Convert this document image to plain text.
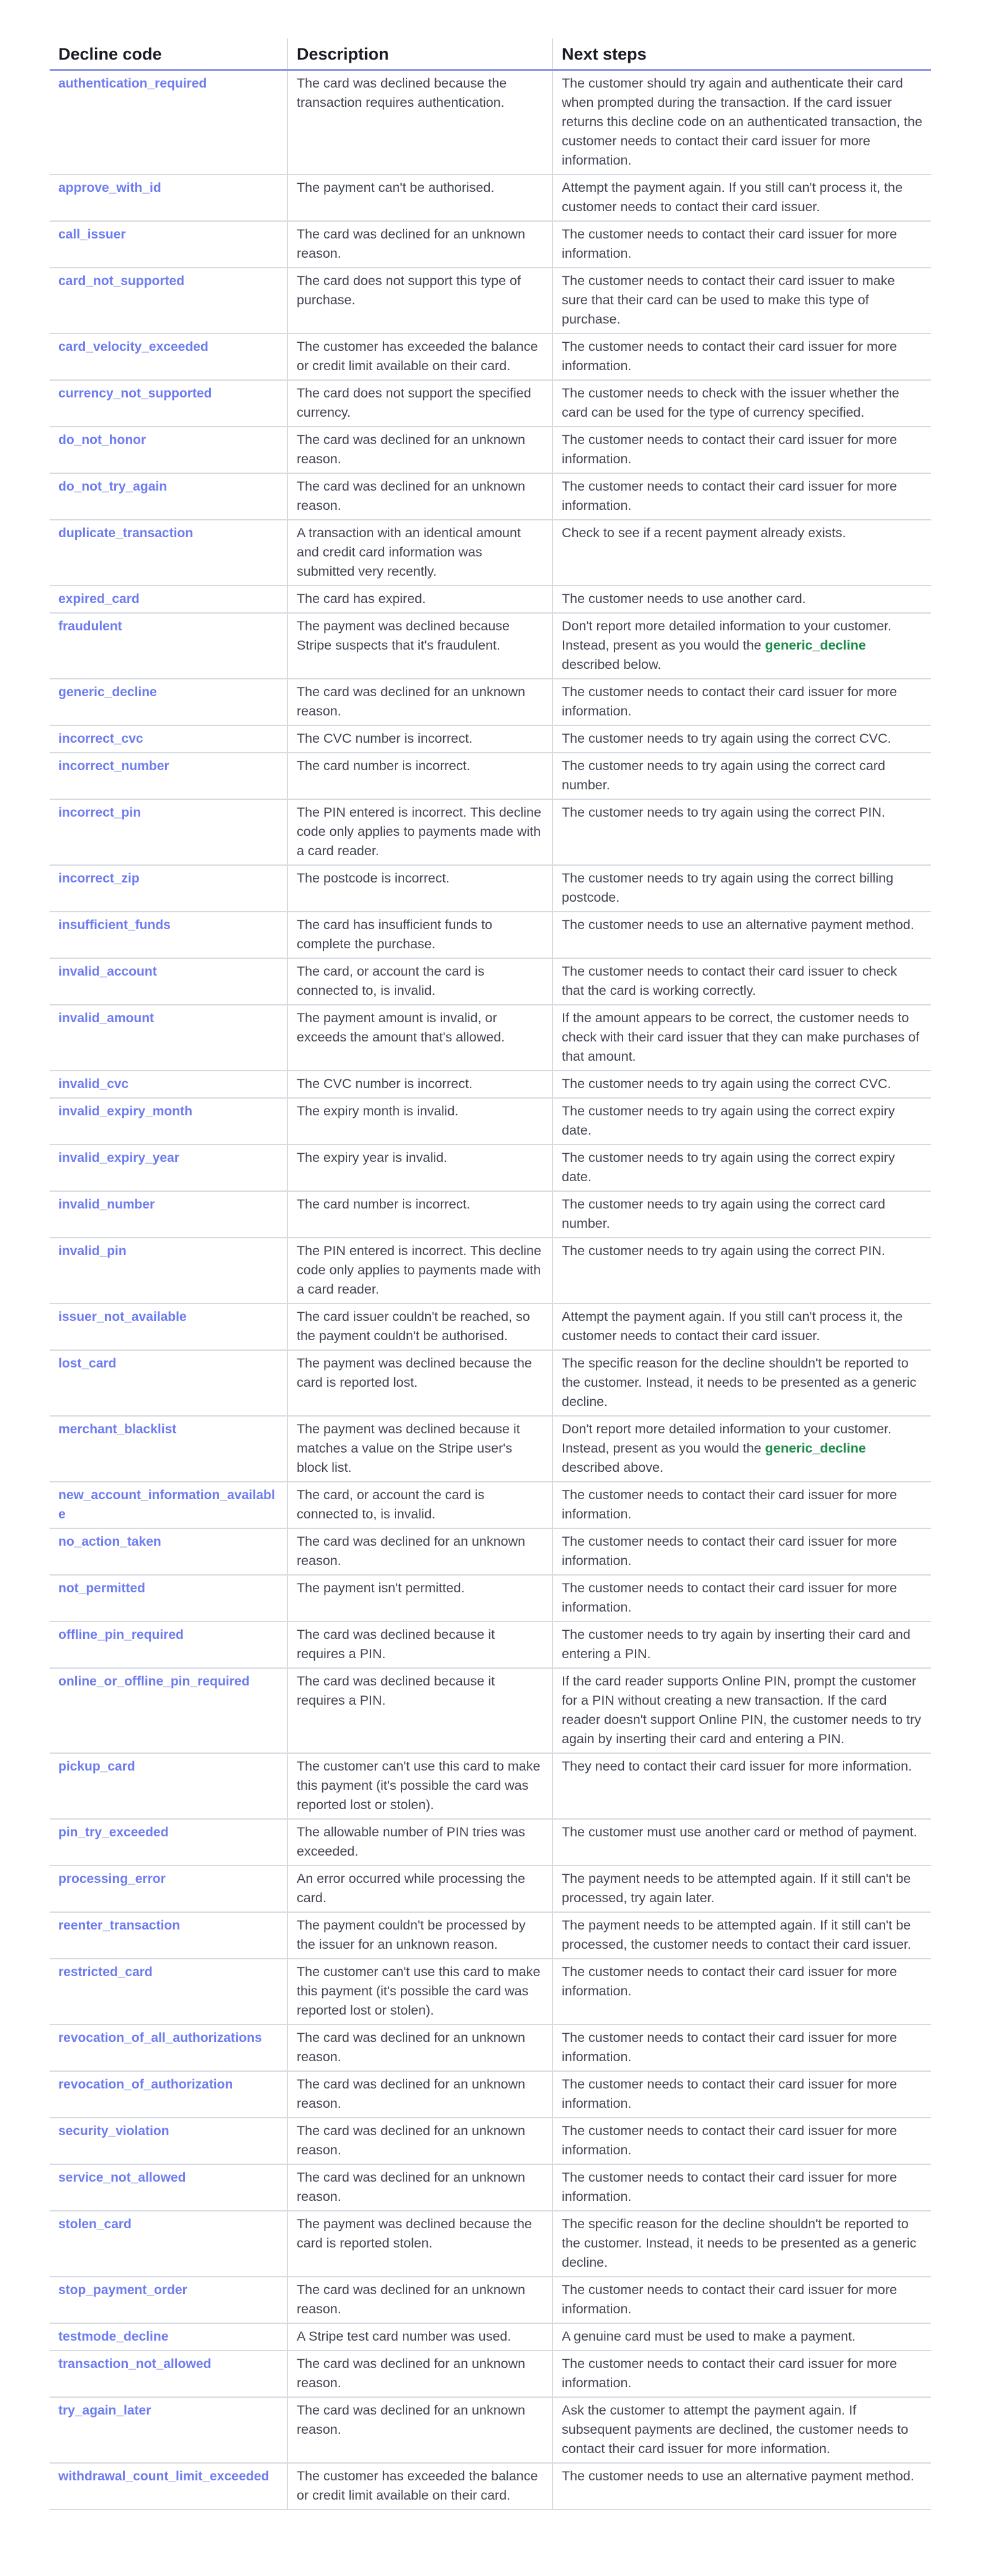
Decline code	Description	Next steps
authentication_required	The card was declined because the transaction requires authentication.	The customer should try again and authenticate their card when prompted during the transaction. If the card issuer returns this decline code on an authenticated transaction, the customer needs to contact their card issuer for more information.
approve_with_id	The payment can't be authorised.	Attempt the payment again. If you still can't process it, the customer needs to contact their card issuer.
call_issuer	The card was declined for an unknown reason.	The customer needs to contact their card issuer for more information.
card_not_supported	The card does not support this type of purchase.	The customer needs to contact their card issuer to make sure that their card can be used to make this type of purchase.
card_velocity_exceeded	The customer has exceeded the balance or credit limit available on their card.	The customer needs to contact their card issuer for more information.
currency_not_supported	The card does not support the specified currency.	The customer needs to check with the issuer whether the card can be used for the type of currency specified.
do_not_honor	The card was declined for an unknown reason.	The customer needs to contact their card issuer for more information.
do_not_try_again	The card was declined for an unknown reason.	The customer needs to contact their card issuer for more information.
duplicate_transaction	A transaction with an identical amount and credit card information was submitted very recently.	Check to see if a recent payment already exists.
expired_card	The card has expired.	The customer needs to use another card.
fraudulent	The payment was declined because Stripe suspects that it's fraudulent.	Don't report more detailed information to your customer. Instead, present as you would the generic_decline described below.
generic_decline	The card was declined for an unknown reason.	The customer needs to contact their card issuer for more information.
incorrect_cvc	The CVC number is incorrect.	The customer needs to try again using the correct CVC.
incorrect_number	The card number is incorrect.	The customer needs to try again using the correct card number.
incorrect_pin	The PIN entered is incorrect. This decline code only applies to payments made with a card reader.	The customer needs to try again using the correct PIN.
incorrect_zip	The postcode is incorrect.	The customer needs to try again using the correct billing postcode.
insufficient_funds	The card has insufficient funds to complete the purchase.	The customer needs to use an alternative payment method.
invalid_account	The card, or account the card is connected to, is invalid.	The customer needs to contact their card issuer to check that the card is working correctly.
invalid_amount	The payment amount is invalid, or exceeds the amount that's allowed.	If the amount appears to be correct, the customer needs to check with their card issuer that they can make purchases of that amount.
invalid_cvc	The CVC number is incorrect.	The customer needs to try again using the correct CVC.
invalid_expiry_month	The expiry month is invalid.	The customer needs to try again using the correct expiry date.
invalid_expiry_year	The expiry year is invalid.	The customer needs to try again using the correct expiry date.
invalid_number	The card number is incorrect.	The customer needs to try again using the correct card number.
invalid_pin	The PIN entered is incorrect. This decline code only applies to payments made with a card reader.	The customer needs to try again using the correct PIN.
issuer_not_available	The card issuer couldn't be reached, so the payment couldn't be authorised.	Attempt the payment again. If you still can't process it, the customer needs to contact their card issuer.
lost_card	The payment was declined because the card is reported lost.	The specific reason for the decline shouldn't be reported to the customer. Instead, it needs to be presented as a generic decline.
merchant_blacklist	The payment was declined because it matches a value on the Stripe user's block list.	Don't report more detailed information to your customer. Instead, present as you would the generic_decline described above.
new_account_information_available	The card, or account the card is connected to, is invalid.	The customer needs to contact their card issuer for more information.
no_action_taken	The card was declined for an unknown reason.	The customer needs to contact their card issuer for more information.
not_permitted	The payment isn't permitted.	The customer needs to contact their card issuer for more information.
offline_pin_required	The card was declined because it requires a PIN.	The customer needs to try again by inserting their card and entering a PIN.
online_or_offline_pin_required	The card was declined because it requires a PIN.	If the card reader supports Online PIN, prompt the customer for a PIN without creating a new transaction. If the card reader doesn't support Online PIN, the customer needs to try again by inserting their card and entering a PIN.
pickup_card	The customer can't use this card to make this payment (it's possible the card was reported lost or stolen).	They need to contact their card issuer for more information.
pin_try_exceeded	The allowable number of PIN tries was exceeded.	The customer must use another card or method of payment.
processing_error	An error occurred while processing the card.	The payment needs to be attempted again. If it still can't be processed, try again later.
reenter_transaction	The payment couldn't be processed by the issuer for an unknown reason.	The payment needs to be attempted again. If it still can't be processed, the customer needs to contact their card issuer.
restricted_card	The customer can't use this card to make this payment (it's possible the card was reported lost or stolen).	The customer needs to contact their card issuer for more information.
revocation_of_all_authorizations	The card was declined for an unknown reason.	The customer needs to contact their card issuer for more information.
revocation_of_authorization	The card was declined for an unknown reason.	The customer needs to contact their card issuer for more information.
security_violation	The card was declined for an unknown reason.	The customer needs to contact their card issuer for more information.
service_not_allowed	The card was declined for an unknown reason.	The customer needs to contact their card issuer for more information.
stolen_card	The payment was declined because the card is reported stolen.	The specific reason for the decline shouldn't be reported to the customer. Instead, it needs to be presented as a generic decline.
stop_payment_order	The card was declined for an unknown reason.	The customer needs to contact their card issuer for more information.
testmode_decline	A Stripe test card number was used.	A genuine card must be used to make a payment.
transaction_not_allowed	The card was declined for an unknown reason.	The customer needs to contact their card issuer for more information.
try_again_later	The card was declined for an unknown reason.	Ask the customer to attempt the payment again. If subsequent payments are declined, the customer needs to contact their card issuer for more information.
withdrawal_count_limit_exceeded	The customer has exceeded the balance or credit limit available on their card.	The customer needs to use an alternative payment method.
